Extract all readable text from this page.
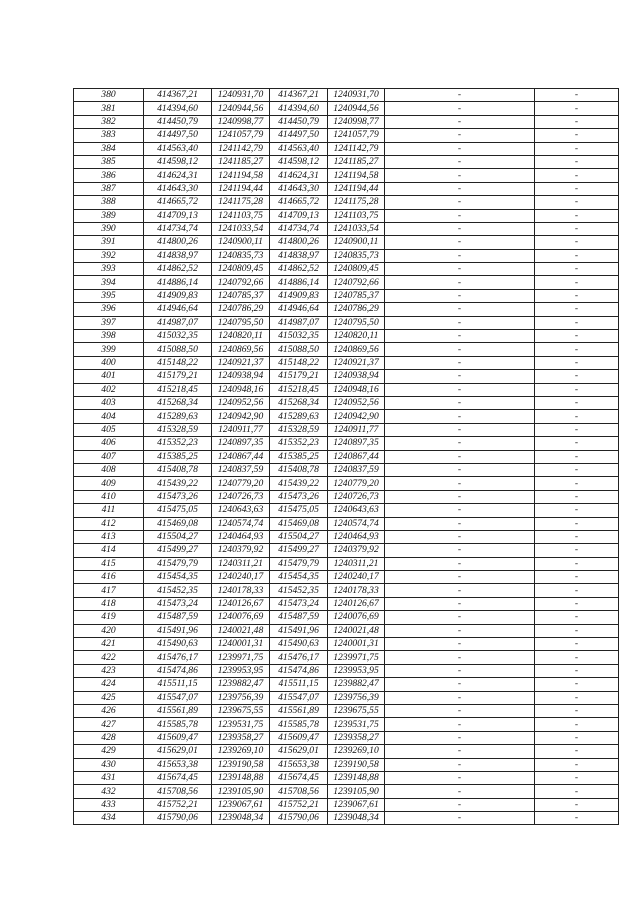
380	414367,21	1240931,70	414367,21	1240931,70	-	-
381	414394,60	1240944,56	414394,60	1240944,56	-	-
382	414450,79	1240998,77	414450,79	1240998,77	-	-
383	414497,50	1241057,79	414497,50	1241057,79	-	-
384	414563,40	1241142,79	414563,40	1241142,79	-	-
385	414598,12	1241185,27	414598,12	1241185,27	-	-
386	414624,31	1241194,58	414624,31	1241194,58	-	-
387	414643,30	1241194,44	414643,30	1241194,44	-	-
388	414665,72	1241175,28	414665,72	1241175,28	-	-
389	414709,13	1241103,75	414709,13	1241103,75	-	-
390	414734,74	1241033,54	414734,74	1241033,54	-	-
391	414800,26	1240900,11	414800,26	1240900,11	-	-
392	414838,97	1240835,73	414838,97	1240835,73	-	-
393	414862,52	1240809,45	414862,52	1240809,45	-	-
394	414886,14	1240792,66	414886,14	1240792,66	-	-
395	414909,83	1240785,37	414909,83	1240785,37	-	-
396	414946,64	1240786,29	414946,64	1240786,29	-	-
397	414987,07	1240795,50	414987,07	1240795,50	-	-
398	415032,35	1240820,11	415032,35	1240820,11	-	-
399	415088,50	1240869,56	415088,50	1240869,56	-	-
400	415148,22	1240921,37	415148,22	1240921,37	-	-
401	415179,21	1240938,94	415179,21	1240938,94	-	-
402	415218,45	1240948,16	415218,45	1240948,16	-	-
403	415268,34	1240952,56	415268,34	1240952,56	-	-
404	415289,63	1240942,90	415289,63	1240942,90	-	-
405	415328,59	1240911,77	415328,59	1240911,77	-	-
406	415352,23	1240897,35	415352,23	1240897,35	-	-
407	415385,25	1240867,44	415385,25	1240867,44	-	-
408	415408,78	1240837,59	415408,78	1240837,59	-	-
409	415439,22	1240779,20	415439,22	1240779,20	-	-
410	415473,26	1240726,73	415473,26	1240726,73	-	-
411	415475,05	1240643,63	415475,05	1240643,63	-	-
412	415469,08	1240574,74	415469,08	1240574,74	-	-
413	415504,27	1240464,93	415504,27	1240464,93	-	-
414	415499,27	1240379,92	415499,27	1240379,92	-	-
415	415479,79	1240311,21	415479,79	1240311,21	-	-
416	415454,35	1240240,17	415454,35	1240240,17	-	-
417	415452,35	1240178,33	415452,35	1240178,33	-	-
418	415473,24	1240126,67	415473,24	1240126,67	-	-
419	415487,59	1240076,69	415487,59	1240076,69	-	-
420	415491,96	1240021,48	415491,96	1240021,48	-	-
421	415490,63	1240001,31	415490,63	1240001,31	-	-
422	415476,17	1239971,75	415476,17	1239971,75	-	-
423	415474,86	1239953,95	415474,86	1239953,95	-	-
424	415511,15	1239882,47	415511,15	1239882,47	-	-
425	415547,07	1239756,39	415547,07	1239756,39	-	-
426	415561,89	1239675,55	415561,89	1239675,55	-	-
427	415585,78	1239531,75	415585,78	1239531,75	-	-
428	415609,47	1239358,27	415609,47	1239358,27	-	-
429	415629,01	1239269,10	415629,01	1239269,10	-	-
430	415653,38	1239190,58	415653,38	1239190,58	-	-
431	415674,45	1239148,88	415674,45	1239148,88	-	-
432	415708,56	1239105,90	415708,56	1239105,90	-	-
433	415752,21	1239067,61	415752,21	1239067,61	-	-
434	415790,06	1239048,34	415790,06	1239048,34	-	-
